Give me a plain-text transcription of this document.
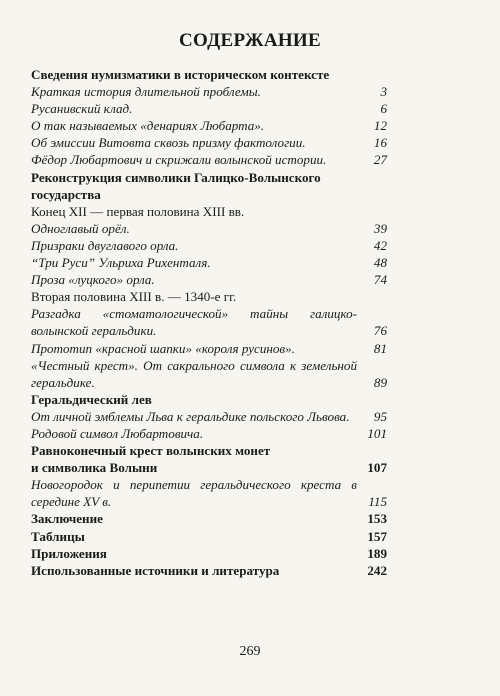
СОДЕРЖАНИЕ
Сведения нумизматики в историческом контексте
Краткая история длительной проблемы.	3
Русанивский клад.	6
О так называемых «денариях Любарта».	12
Об эмиссии Витовта сквозь призму фактологии.	16
Фёдор Любартович и скрижали волынской истории.	27
Реконструкция символики Галицко-Волынского
государства
Конец XII — первая половина XIII вв.
Одноглавый орёл.	39
Призраки двуглавого орла.	42
“Три Руси” Ульриха Рихенталя.	48
Проза «луцкого» орла.	74
Вторая половина XIII в. — 1340-е гг.
Разгадка «стоматологической» тайны галицко-
волынской геральдики.	76
Прототип «красной шапки» «короля русинов».	81
«Честный крест». От сакрального символа к земельной
геральдике.	89
Геральдический лев
От личной эмблемы Льва к геральдике польского Львова.	95
Родовой символ Любартовича.	101
Равноконечный крест волынских монет
и символика Волыни	107
Новогородок и перипетии геральдического креста в
середине XV в.	115
Заключение	153
Таблицы	157
Приложения	189
Использованные источники и литература	242
269
